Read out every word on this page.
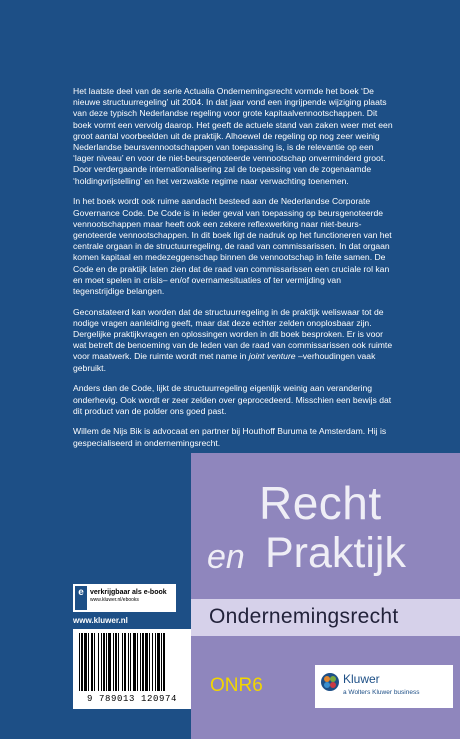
Het laatste deel van de serie Actualia Ondernemingsrecht vormde het boek ‘De nieuwe structuurregeling’ uit 2004. In dat jaar vond een ingrijpende wijziging plaats van deze typisch Nederlandse regeling voor grote kapitaalvennootschappen. Dit boek vormt een vervolg daarop. Het geeft de actuele stand van zaken weer met een groot aantal voorbeelden uit de praktijk. Alhoewel de regeling op nog zeer weinig Nederlandse beursvennootschappen van toepassing is, is de relevantie op een ‘lager niveau’ en voor de niet-beursgenoteerde vennootschap onverminderd groot. Door verdergaande internationalisering zal de toepassing van de zogenaamde ‘holdingvrijstelling’ en het verzwakte regime naar verwachting toenemen.

In het boek wordt ook ruime aandacht besteed aan de Nederlandse Corporate Governance Code. De Code is in ieder geval van toepassing op beursgenoteerde vennootschappen maar heeft ook een zekere reflexwerking naar niet-beurs-genoteerde vennootschappen. In dit boek ligt de nadruk op het functioneren van het centrale orgaan in de structuurregeling, de raad van commissarissen. In dat orgaan komen kapitaal en medezeggenschap binnen de vennootschap in feite samen. De Code en de praktijk laten zien dat de raad van commissarissen een cruciale rol kan en moet spelen in crisis– en/of overnamesituaties of ter vermijding van tegenstrijdige belangen.

Geconstateerd kan worden dat de structuurregeling in de praktijk weliswaar tot de nodige vragen aanleiding geeft, maar dat deze echter zelden onoplosbaar zijn. Dergelijke praktijkvragen en oplossingen worden in dit boek besproken. Er is voor wat betreft de benoeming van de leden van de raad van commissarissen ook ruimte voor maatwerk. Die ruimte wordt met name in joint venture –verhoudingen vaak gebruikt.

Anders dan de Code, lijkt de structuurregeling eigenlijk weinig aan verandering onderhevig. Ook wordt er zeer zelden over geprocedeerd. Misschien een bewijs dat dit product van de polder ons goed past.

Willem de Nijs Bik is advocaat en partner bij Houthoff Buruma te Amsterdam. Hij is gespecialiseerd in ondernemingsrecht.

Recht
en Praktijk
Ondernemingsrecht
ONR6	Kluwer
a Wolters Kluwer business
e verkrijgbaar als e-book
www.kluwer.nl/ebooks
www.kluwer.nl
9 789013 120974
